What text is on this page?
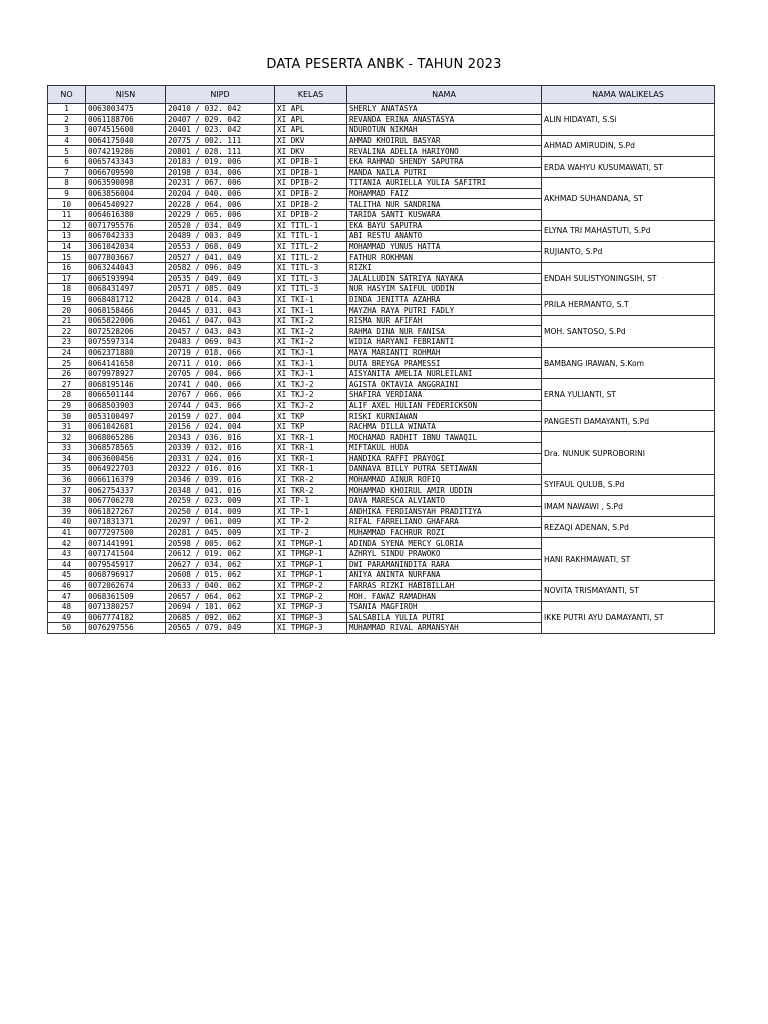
DATA PESERTA ANBK - TAHUN 2023
NO	NISN	NIPD	KELAS	NAMA	NAMA WALIKELAS
1	0063003475	20410 / 032. 042	XI APL	SHERLY ANATASYA	ALIN HIDAYATI, S.Si
2	0061188706	20407 / 029. 042	XI APL	REVANDA ERINA ANASTASYA	
3	0074515600	20401 / 023. 042	XI APL	NDUROTUN NIKMAH	
4	0064175040	20775 / 002. 111	XI DKV	AHMAD KHOIRUL BASYAR	AHMAD AMIRUDIN, S.Pd
5	0074219286	20801 / 028. 111	XI DKV	REVALINA ADELIA HARIYONO	
6	0065743343	20183 / 019. 006	XI DPIB-1	EKA RAHMAD SHENDY SAPUTRA	ERDA WAHYU KUSUMAWATI, ST
7	0066709590	20198 / 034. 006	XI DPIB-1	MANDA NAILA PUTRI	
8	0063590098	20231 / 067. 006	XI DPIB-2	TITANIA AURIELLA YULIA SAFITRI	AKHMAD SUHANDANA, ST
9	0063856004	20204 / 040. 006	XI DPIB-2	MOHAMMAD FAIZ	
10	0064540927	20228 / 064. 006	XI DPIB-2	TALITHA NUR SANDRINA	
11	0064616380	20229 / 065. 006	XI DPIB-2	TARIDA SANTI KUSWARA	
12	0071795576	20520 / 034. 049	XI TITL-1	EKA BAYU SAPUTRA	ELYNA TRI MAHASTUTI, S.Pd
13	0067042333	20489 / 003. 049	XI TITL-1	ABI RESTU ANANTO	
14	3061042034	20553 / 068. 049	XI TITL-2	MOHAMMAD YUNUS HATTA	RUJIANTO, S.Pd
15	0077803667	20527 / 041. 049	XI TITL-2	FATHUR ROKHMAN	
16	0063244043	20582 / 096. 049	XI TITL-3	RIZKI	ENDAH SULISTYONINGSIH, ST
17	0065193994	20535 / 049. 049	XI TITL-3	JALALLUDIN SATRIYA NAYAKA	
18	0068431497	20571 / 085. 049	XI TITL-3	NUR HASYIM SAIFUL UDDIN	
19	0068481712	20428 / 014. 043	XI TKI-1	DINDA JENITTA AZAHRA	PRILA HERMANTO, S.T
20	0068158466	20445 / 031. 043	XI TKI-1	MAYZHA RAYA PUTRI FADLY	
21	0065822006	20461 / 047. 043	XI TKI-2	RISMA NUR AFIFAH	MOH. SANTOSO, S.Pd
22	0072528206	20457 / 043. 043	XI TKI-2	RAHMA DINA NUR FANISA	
23	0075597314	20483 / 069. 043	XI TKI-2	WIDIA HARYANI FEBRIANTI	
24	0062371880	20719 / 018. 066	XI TKJ-1	MAYA MARIANTI ROHMAH	BAMBANG IRAWAN, S.Kom
25	0064141658	20711 / 010. 066	XI TKJ-1	DUTA BREYGA PRAMESSI	
26	0079978927	20705 / 004. 066	XI TKJ-1	AISYANITA AMELIA NURLEILANI	
27	0068195146	20741 / 040. 066	XI TKJ-2	AGISTA OKTAVIA ANGGRAINI	ERNA YULIANTI, ST
28	0066501144	20767 / 066. 066	XI TKJ-2	SHAFIRA VERDIANA	
29	0068503903	20744 / 043. 066	XI TKJ-2	ALIF AXEL HULIAN FEDERICKSON	
30	0053100497	20159 / 027. 004	XI TKP	RISKI KURNIAWAN	PANGESTI DAMAYANTI, S.Pd
31	0061042681	20156 / 024. 004	XI TKP	RACHMA DILLA WINATA	
32	0068065286	20343 / 036. 016	XI TKR-1	MOCHAMAD RADHIT IBNU TAWAQIL	Dra. NUNUK SUPROBORINI
33	3068578565	20339 / 032. 016	XI TKR-1	MIFTAKUL HUDA	
34	0063600456	20331 / 024. 016	XI TKR-1	HANDIKA RAFFI PRAYOGI	
35	0064922703	20322 / 016. 016	XI TKR-1	DANNAVA BILLY PUTRA SETIAWAN	
36	0066116379	20346 / 039. 016	XI TKR-2	MOHAMMAD AINUR ROFIQ	SYIFAUL QULUB, S.Pd
37	0062754337	20348 / 041. 016	XI TKR-2	MOHAMMAD KHOIRUL AMIR UDDIN	
38	0067706270	20259 / 023. 009	XI TP-1	DAVA MARESCA ALVIANTO	IMAM NAWAWI , S.Pd
39	0061827267	20250 / 014. 009	XI TP-1	ANDHIKA FERDIANSYAH PRADITIYA	
40	0071831371	20297 / 061. 009	XI TP-2	RIFAL FARRELIANO GHAFARA	REZAQI ADENAN, S.Pd
41	0077297500	20281 / 045. 009	XI TP-2	MUHAMMAD FACHRUR ROZI	
42	0071441991	20598 / 005. 062	XI TPMGP-1	ADINDA SYENA MERCY GLORIA	HANI RAKHMAWATI, ST
43	0071741504	20612 / 019. 062	XI TPMGP-1	AZHRYL SINDU PRAWOKO	
44	0079545917	20627 / 034. 062	XI TPMGP-1	DWI PARAMANINDITA RARA	
45	0068796917	20608 / 015. 062	XI TPMGP-1	ANIYA ANINTA NURFANA	
46	0072062674	20633 / 040. 062	XI TPMGP-2	FARRAS RIZKI HABIBILLAH	NOVITA TRISMAYANTI, ST
47	0068361509	20657 / 064. 062	XI TPMGP-2	MOH. FAWAZ RAMADHAN	
48	0071380257	20694 / 101. 062	XI TPMGP-3	TSANIA MAGFIROH	IKKE PUTRI AYU DAMAYANTI, ST
49	0067774182	20685 / 092. 062	XI TPMGP-3	SALSABILA YULIA PUTRI	
50	0076297556	20565 / 079. 049	XI TPMGP-3	MUHAMMAD RIVAL ARMANSYAH	
